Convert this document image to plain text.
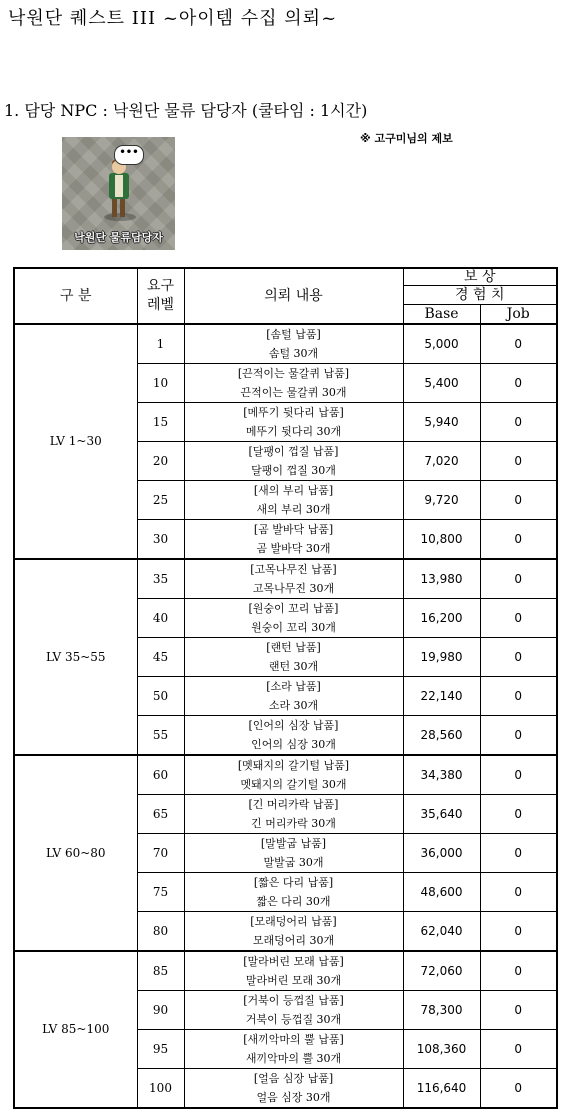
낙원단 퀘스트 III ~아이템 수집 의뢰~
1. 담당 NPC : 낙원단 물류 담당자 (쿨타임 : 1시간)
※ 고구미님의 제보
•••
낙원단 물류담당자
구 분	요구
레벨	의뢰 내용	보 상	
			경 험 치	
			Base	Job
LV 1~30	1	[솜털 납품]
솜털 30개	5,000	0
	10	[끈적이는 물갈퀴 납품]
끈적이는 물갈퀴 30개	5,400	0
	15	[메뚜기 뒷다리 납품]
메뚜기 뒷다리 30개	5,940	0
	20	[달팽이 껍질 납품]
달팽이 껍질 30개	7,020	0
	25	[새의 부리 납품]
새의 부리 30개	9,720	0
	30	[곰 발바닥 납품]
곰 발바닥 30개	10,800	0
LV 35~55	35	[고목나무진 납품]
고목나무진 30개	13,980	0
	40	[원숭이 꼬리 납품]
원숭이 꼬리 30개	16,200	0
	45	[랜턴 납품]
랜턴 30개	19,980	0
	50	[소라 납품]
소라 30개	22,140	0
	55	[인어의 심장 납품]
인어의 심장 30개	28,560	0
LV 60~80	60	[멧돼지의 갈기털 납품]
멧돼지의 갈기털 30개	34,380	0
	65	[긴 머리카락 납품]
긴 머리카락 30개	35,640	0
	70	[말발굽 납품]
말발굽 30개	36,000	0
	75	[짧은 다리 납품]
짧은 다리 30개	48,600	0
	80	[모래덩어리 납품]
모래덩어리 30개	62,040	0
LV 85~100	85	[말라버린 모래 납품]
말라버린 모래 30개	72,060	0
	90	[거북이 등껍질 납품]
거북이 등껍질 30개	78,300	0
	95	[새끼악마의 뿔 납품]
새끼악마의 뿔 30개	108,360	0
	100	[얼음 심장 납품]
얼음 심장 30개	116,640	0
